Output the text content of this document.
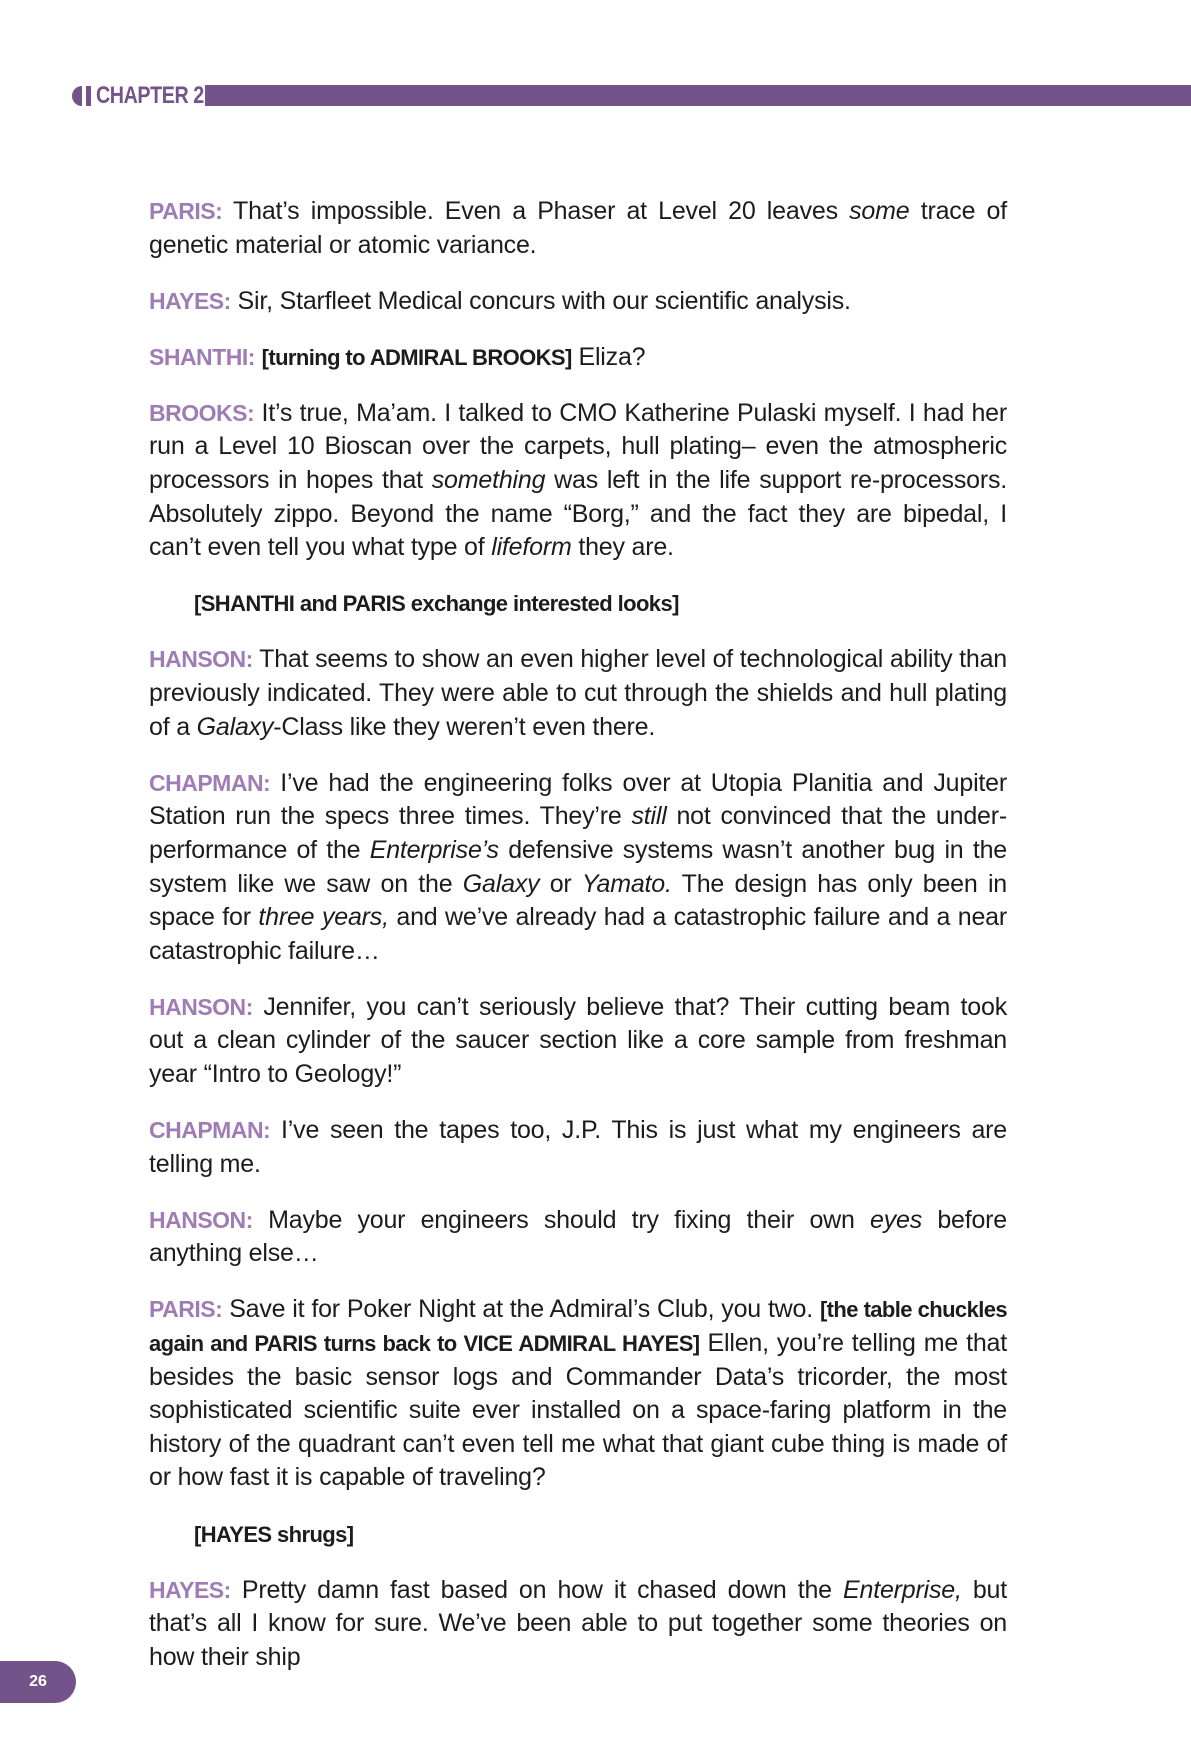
CHAPTER 2

PARIS: That’s impossible. Even a Phaser at Level 20 leaves some trace of genetic material or atomic variance.

HAYES: Sir, Starfleet Medical concurs with our scientific analysis.

SHANTHI: [turning to ADMIRAL BROOKS] Eliza?

BROOKS: It’s true, Ma’am. I talked to CMO Katherine Pulaski myself. I had her run a Level 10 Bioscan over the carpets, hull plating– even the atmospheric processors in hopes that something was left in the life support re-processors. Absolutely zippo. Beyond the name “Borg,” and the fact they are bipedal, I can’t even tell you what type of lifeform they are.

[SHANTHI and PARIS exchange interested looks]

HANSON: That seems to show an even higher level of technological ability than previously indicated. They were able to cut through the shields and hull plating of a Galaxy-Class like they weren’t even there.

CHAPMAN: I’ve had the engineering folks over at Utopia Planitia and Jupiter Station run the specs three times. They’re still not convinced that the under-performance of the Enterprise’s defensive systems wasn’t another bug in the system like we saw on the Galaxy or Yamato. The design has only been in space for three years, and we’ve already had a catastrophic failure and a near catastrophic failure…

HANSON: Jennifer, you can’t seriously believe that? Their cutting beam took out a clean cylinder of the saucer section like a core sample from freshman year “Intro to Geology!”

CHAPMAN: I’ve seen the tapes too, J.P. This is just what my engineers are telling me.

HANSON: Maybe your engineers should try fixing their own eyes before anything else…

PARIS: Save it for Poker Night at the Admiral’s Club, you two. [the table chuckles again and PARIS turns back to VICE ADMIRAL HAYES] Ellen, you’re telling me that besides the basic sensor logs and Commander Data’s tricorder, the most sophisticated scientific suite ever installed on a space-faring platform in the history of the quadrant can’t even tell me what that giant cube thing is made of or how fast it is capable of traveling?

[HAYES shrugs]

HAYES: Pretty damn fast based on how it chased down the Enterprise, but that’s all I know for sure. We’ve been able to put together some theories on how their ship

26
